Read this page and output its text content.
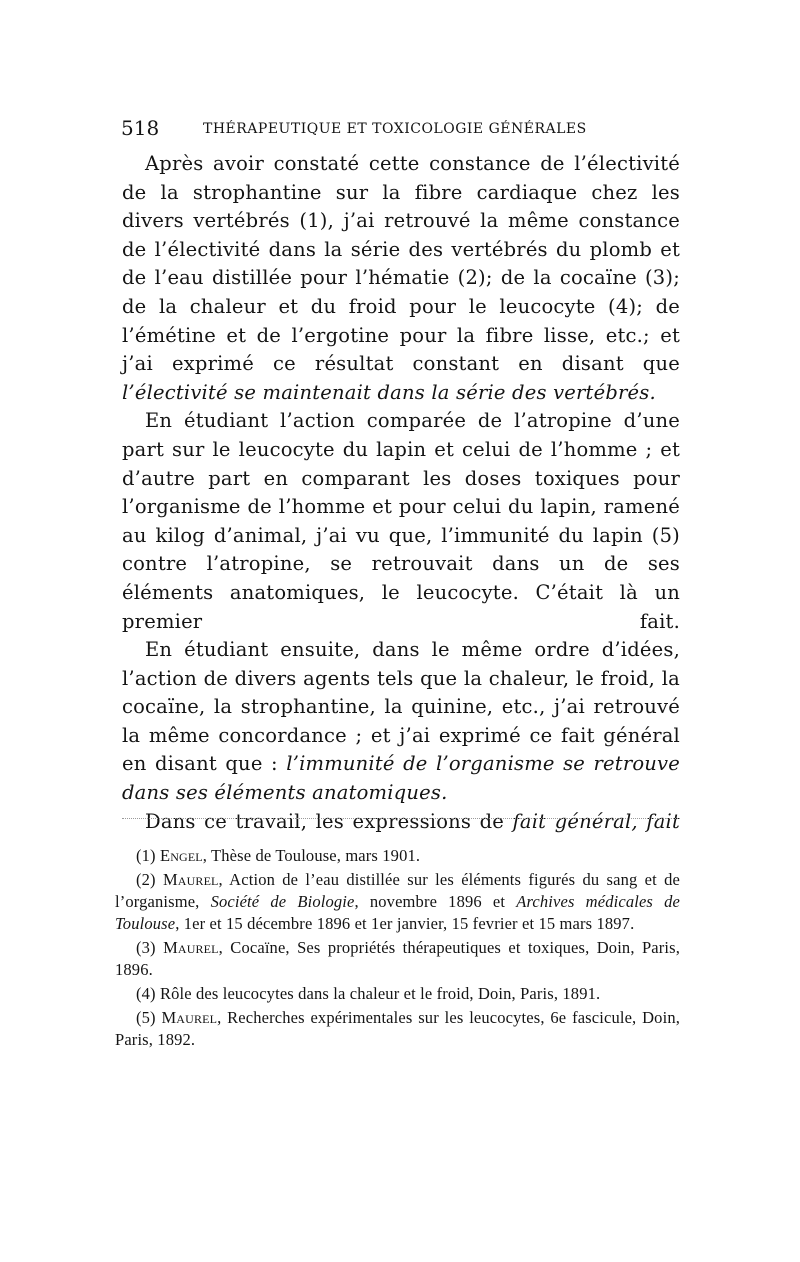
518	THÉRAPEUTIQUE ET TOXICOLOGIE GÉNÉRALES

Après avoir constaté cette constance de l’électivité de la strophantine sur la fibre cardiaque chez les divers vertébrés (1), j’ai retrouvé la même constance de l’électivité dans la série des vertébrés du plomb et de l’eau distillée pour l’hématie (2); de la cocaïne (3); de la chaleur et du froid pour le leucocyte (4); de l’émétine et de l’ergotine pour la fibre lisse, etc.; et j’ai exprimé ce résultat constant en disant que l’électivité se maintenait dans la série des vertébrés.

En étudiant l’action comparée de l’atropine d’une part sur le leucocyte du lapin et celui de l’homme ; et d’autre part en comparant les doses toxiques pour l’organisme de l’homme et pour celui du lapin, ramené au kilog d’animal, j’ai vu que, l’immunité du lapin (5) contre l’atropine, se retrouvait dans un de ses éléments anatomiques, le leucocyte. C’était là un premier fait.

En étudiant ensuite, dans le même ordre d’idées, l’action de divers agents tels que la chaleur, le froid, la cocaïne, la strophantine, la quinine, etc., j’ai retrouvé la même concordance ; et j’ai exprimé ce fait général en disant que : l’immunité de l’organisme se retrouve dans ses éléments anatomiques.

Dans ce travail, les expressions de fait général, fait

(1) Engel, Thèse de Toulouse, mars 1901.

(2) Maurel, Action de l’eau distillée sur les éléments figurés du sang et de l’organisme, Société de Biologie, novembre 1896 et Archives médicales de Toulouse, 1er et 15 décembre 1896 et 1er janvier, 15 fevrier et 15 mars 1897.

(3) Maurel, Cocaïne, Ses propriétés thérapeutiques et toxiques, Doin, Paris, 1896.

(4) Rôle des leucocytes dans la chaleur et le froid, Doin, Paris, 1891.

(5) Maurel, Recherches expérimentales sur les leucocytes, 6e fascicule, Doin, Paris, 1892.
